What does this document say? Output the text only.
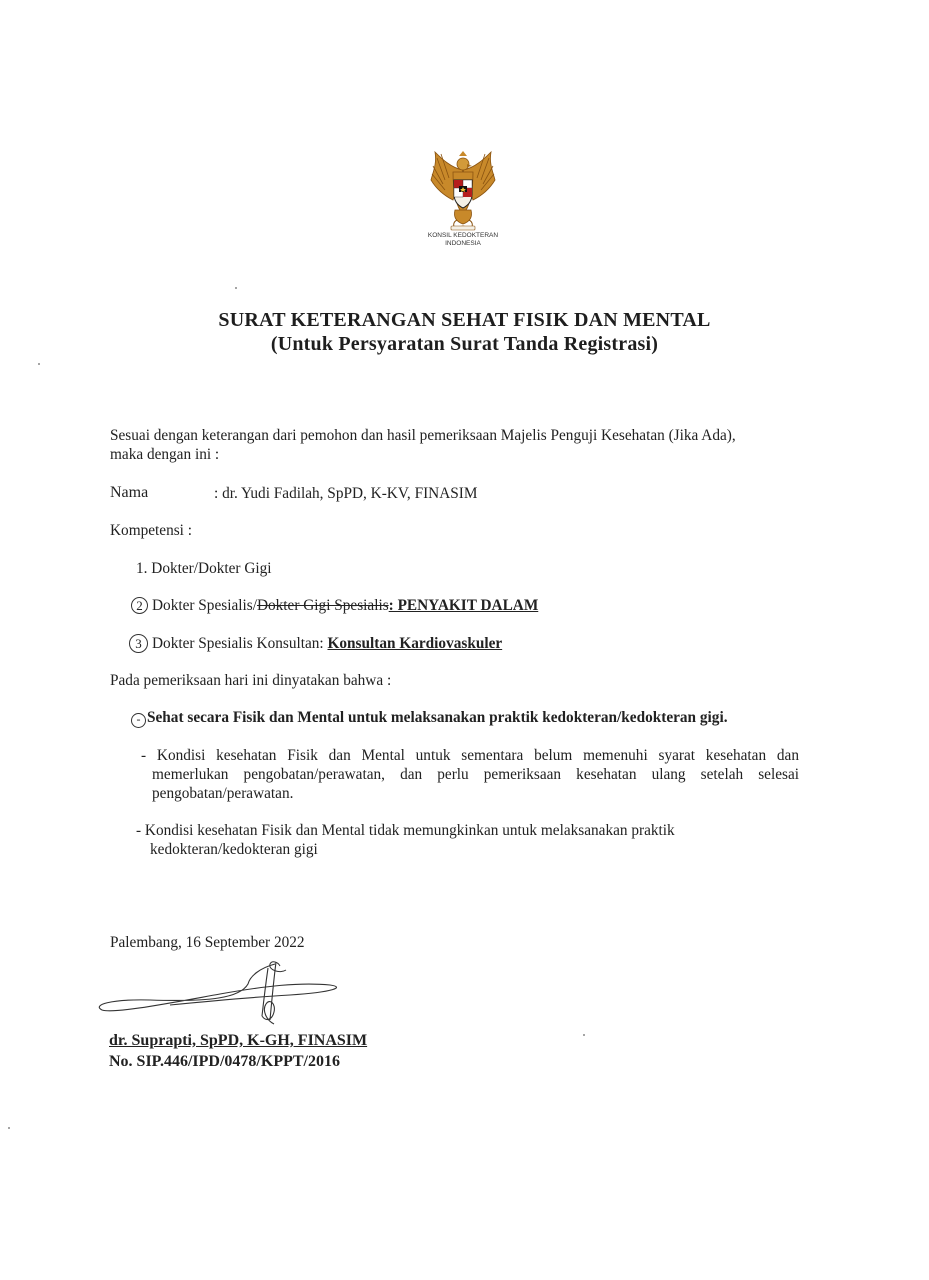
KONSIL KEDOKTERAN
INDONESIA
SURAT KETERANGAN SEHAT FISIK DAN MENTAL
(Untuk Persyaratan Surat Tanda Registrasi)
Sesuai dengan keterangan dari pemohon dan hasil pemeriksaan Majelis Penguji Kesehatan (Jika Ada),
maka dengan ini :
Nama	: dr. Yudi Fadilah, SpPD, K-KV, FINASIM
Kompetensi :
1. Dokter/Dokter Gigi
2 Dokter Spesialis/Dokter Gigi Spesialis: PENYAKIT DALAM
3 Dokter Spesialis Konsultan: Konsultan Kardiovaskuler
Pada pemeriksaan hari ini dinyatakan bahwa :
- Sehat secara Fisik dan Mental untuk melaksanakan praktik kedokteran/kedokteran gigi.
- Kondisi kesehatan Fisik dan Mental untuk sementara belum memenuhi syarat kesehatan dan
memerlukan pengobatan/perawatan, dan perlu pemeriksaan kesehatan ulang setelah selesai
pengobatan/perawatan.
- Kondisi kesehatan Fisik dan Mental tidak memungkinkan untuk melaksanakan praktik
kedokteran/kedokteran gigi
Palembang, 16 September 2022
dr. Suprapti, SpPD, K-GH, FINASIM
No. SIP.446/IPD/0478/KPPT/2016
